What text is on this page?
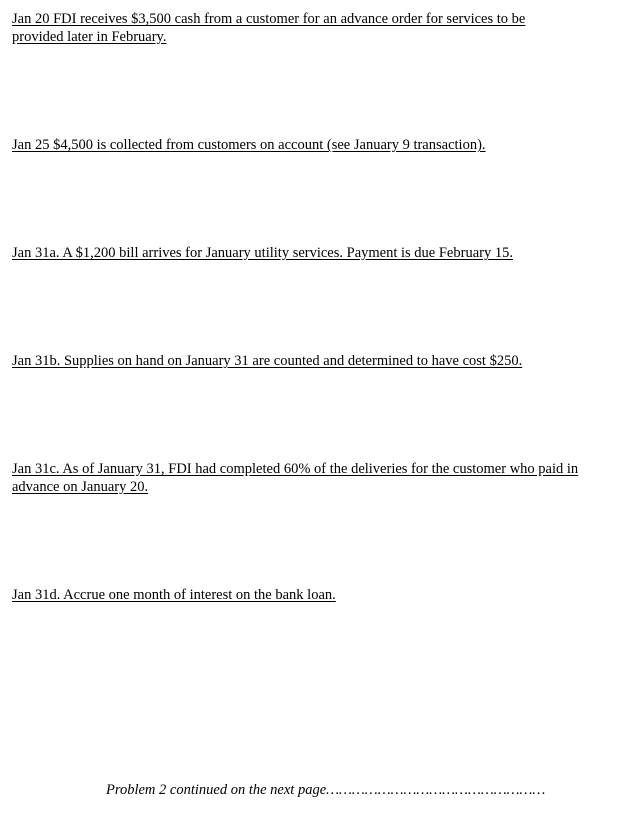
Jan 20 FDI receives $3,500 cash from a customer for an advance order for services to be provided later in February.

Jan 25 $4,500 is collected from customers on account (see January 9 transaction).

Jan 31a. A $1,200 bill arrives for January utility services. Payment is due February 15.

Jan 31b. Supplies on hand on January 31 are counted and determined to have cost $250.

Jan 31c. As of January 31, FDI had completed 60% of the deliveries for the customer who paid in advance on January 20.

Jan 31d. Accrue one month of interest on the bank loan.

Problem 2 continued on the next page……………………………………………
